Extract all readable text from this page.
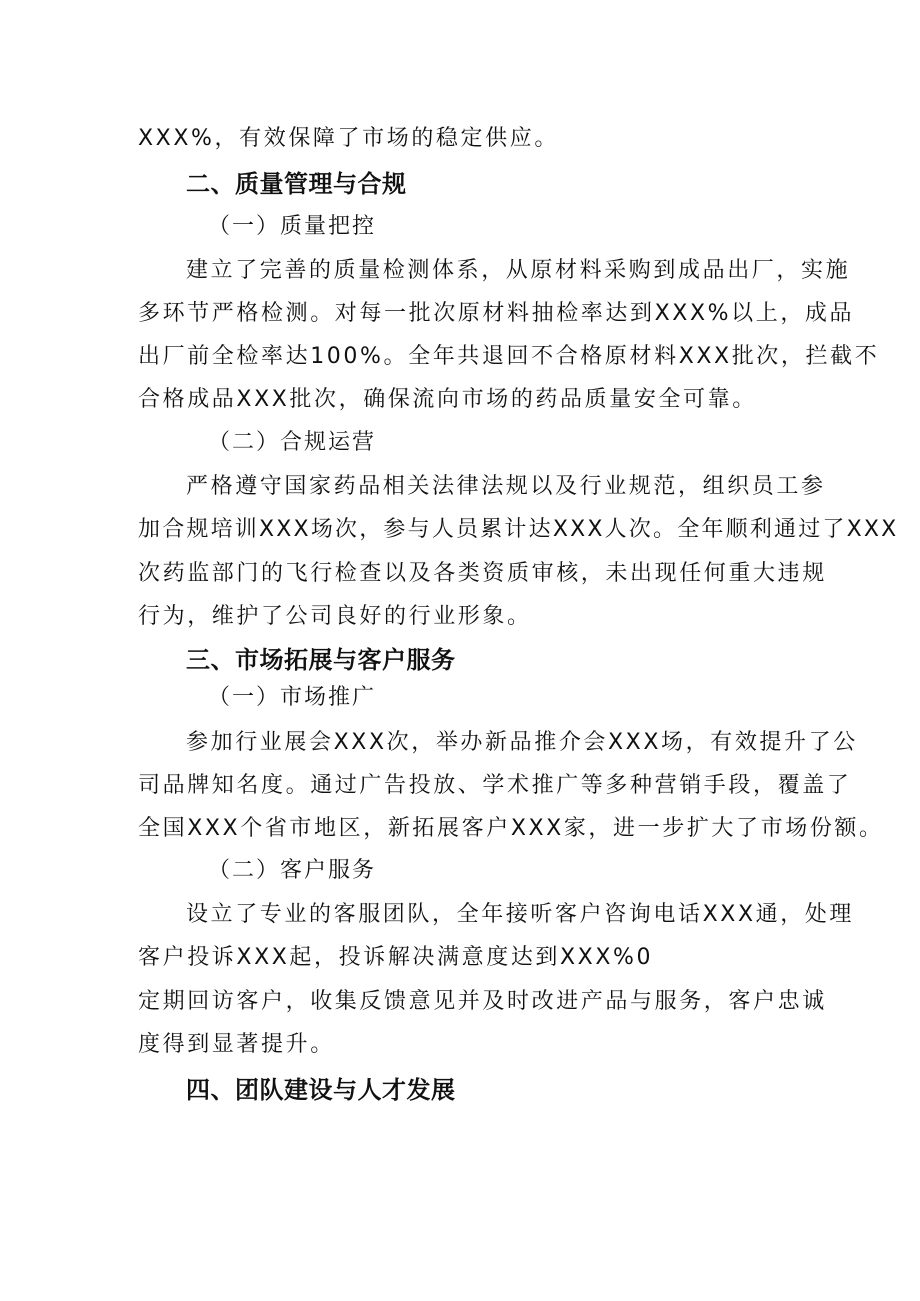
XXX%，有效保障了市场的稳定供应。
二、质量管理与合规
（一）质量把控
建立了完善的质量检测体系，从原材料采购到成品出厂，实施
多环节严格检测。对每一批次原材料抽检率达到XXX%以上，成品
出厂前全检率达100%。全年共退回不合格原材料XXX批次，拦截不
合格成品XXX批次，确保流向市场的药品质量安全可靠。
（二）合规运营
严格遵守国家药品相关法律法规以及行业规范，组织员工参
加合规培训XXX场次，参与人员累计达XXX人次。全年顺利通过了XXX
次药监部门的飞行检查以及各类资质审核，未出现任何重大违规
行为，维护了公司良好的行业形象。
三、市场拓展与客户服务
（一）市场推广
参加行业展会XXX次，举办新品推介会XXX场，有效提升了公
司品牌知名度。通过广告投放、学术推广等多种营销手段，覆盖了
全国XXX个省市地区，新拓展客户XXX家，进一步扩大了市场份额。
（二）客户服务
设立了专业的客服团队，全年接听客户咨询电话XXX通，处理
客户投诉XXX起，投诉解决满意度达到XXX%0
定期回访客户，收集反馈意见并及时改进产品与服务，客户忠诚
度得到显著提升。
四、团队建设与人才发展
